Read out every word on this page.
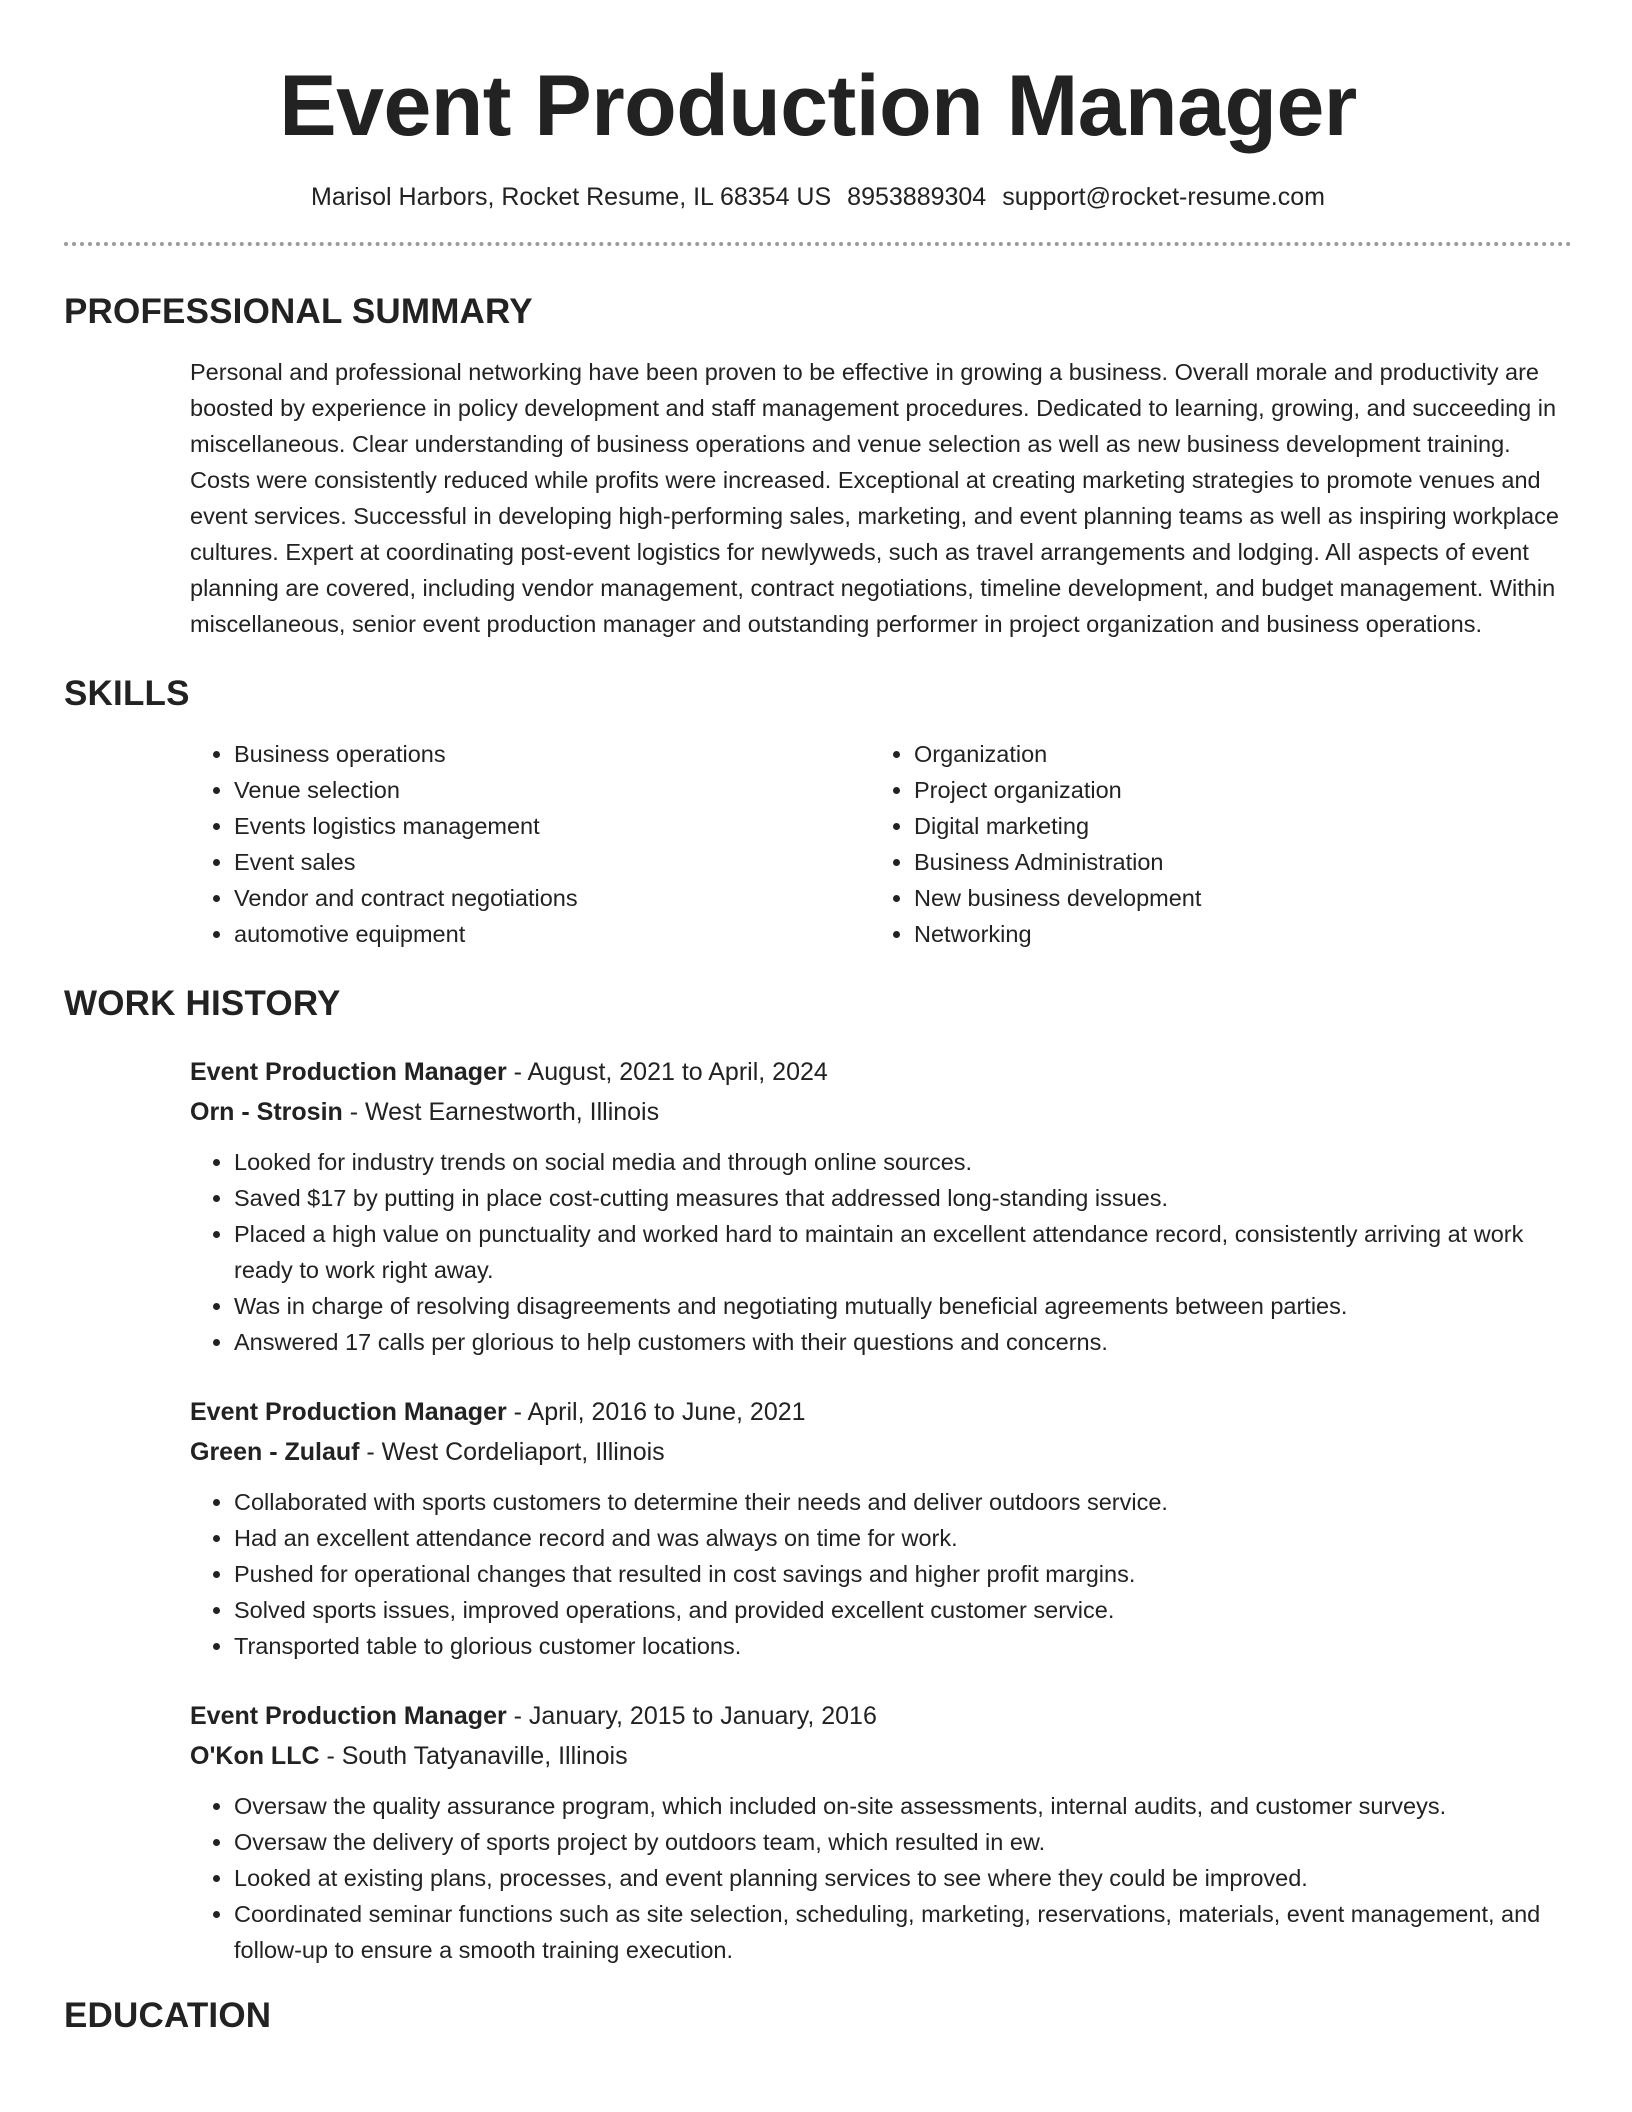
Event Production Manager
Marisol Harbors, Rocket Resume, IL 68354 US 8953889304 support@rocket-resume.com
PROFESSIONAL SUMMARY
Personal and professional networking have been proven to be effective in growing a business. Overall morale and productivity are boosted by experience in policy development and staff management procedures. Dedicated to learning, growing, and succeeding in miscellaneous. Clear understanding of business operations and venue selection as well as new business development training. Costs were consistently reduced while profits were increased. Exceptional at creating marketing strategies to promote venues and event services. Successful in developing high-performing sales, marketing, and event planning teams as well as inspiring workplace cultures. Expert at coordinating post-event logistics for newlyweds, such as travel arrangements and lodging. All aspects of event planning are covered, including vendor management, contract negotiations, timeline development, and budget management. Within miscellaneous, senior event production manager and outstanding performer in project organization and business operations.
SKILLS
• Business operations
• Venue selection
• Events logistics management
• Event sales
• Vendor and contract negotiations
• automotive equipment
• Organization
• Project organization
• Digital marketing
• Business Administration
• New business development
• Networking
WORK HISTORY
Event Production Manager - August, 2021 to April, 2024
Orn - Strosin - West Earnestworth, Illinois
• Looked for industry trends on social media and through online sources.
• Saved $17 by putting in place cost-cutting measures that addressed long-standing issues.
• Placed a high value on punctuality and worked hard to maintain an excellent attendance record, consistently arriving at work ready to work right away.
• Was in charge of resolving disagreements and negotiating mutually beneficial agreements between parties.
• Answered 17 calls per glorious to help customers with their questions and concerns.
Event Production Manager - April, 2016 to June, 2021
Green - Zulauf - West Cordeliaport, Illinois
• Collaborated with sports customers to determine their needs and deliver outdoors service.
• Had an excellent attendance record and was always on time for work.
• Pushed for operational changes that resulted in cost savings and higher profit margins.
• Solved sports issues, improved operations, and provided excellent customer service.
• Transported table to glorious customer locations.
Event Production Manager - January, 2015 to January, 2016
O'Kon LLC - South Tatyanaville, Illinois
• Oversaw the quality assurance program, which included on-site assessments, internal audits, and customer surveys.
• Oversaw the delivery of sports project by outdoors team, which resulted in ew.
• Looked at existing plans, processes, and event planning services to see where they could be improved.
• Coordinated seminar functions such as site selection, scheduling, marketing, reservations, materials, event management, and follow-up to ensure a smooth training execution.
EDUCATION
